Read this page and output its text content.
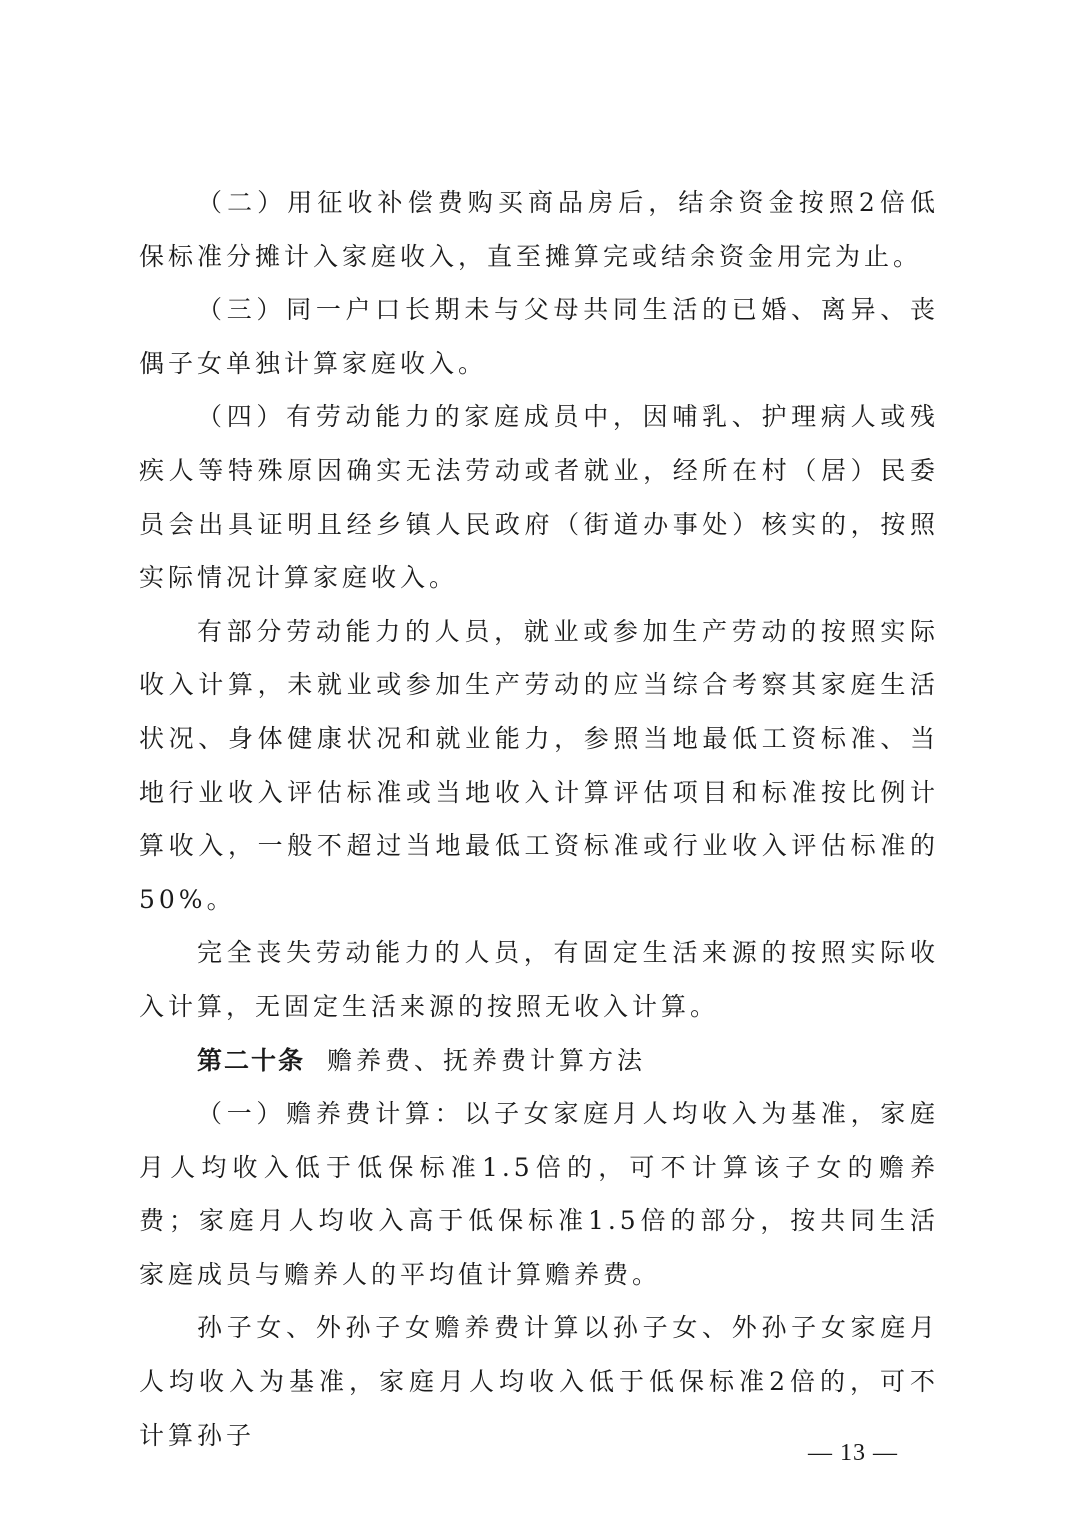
（二）用征收补偿费购买商品房后，结余资金按照2倍低保标准分摊计入家庭收入，直至摊算完或结余资金用完为止。

（三）同一户口长期未与父母共同生活的已婚、离异、丧偶子女单独计算家庭收入。

（四）有劳动能力的家庭成员中，因哺乳、护理病人或残疾人等特殊原因确实无法劳动或者就业，经所在村（居）民委员会出具证明且经乡镇人民政府（街道办事处）核实的，按照实际情况计算家庭收入。

有部分劳动能力的人员，就业或参加生产劳动的按照实际收入计算，未就业或参加生产劳动的应当综合考察其家庭生活状况、身体健康状况和就业能力，参照当地最低工资标准、当地行业收入评估标准或当地收入计算评估项目和标准按比例计算收入，一般不超过当地最低工资标准或行业收入评估标准的50%。

完全丧失劳动能力的人员，有固定生活来源的按照实际收入计算，无固定生活来源的按照无收入计算。

第二十条 赡养费、抚养费计算方法

（一）赡养费计算：以子女家庭月人均收入为基准，家庭月人均收入低于低保标准1.5倍的，可不计算该子女的赡养费；家庭月人均收入高于低保标准1.5倍的部分，按共同生活家庭成员与赡养人的平均值计算赡养费。

孙子女、外孙子女赡养费计算以孙子女、外孙子女家庭月人均收入为基准，家庭月人均收入低于低保标准2倍的，可不计算孙子

— 13 —
